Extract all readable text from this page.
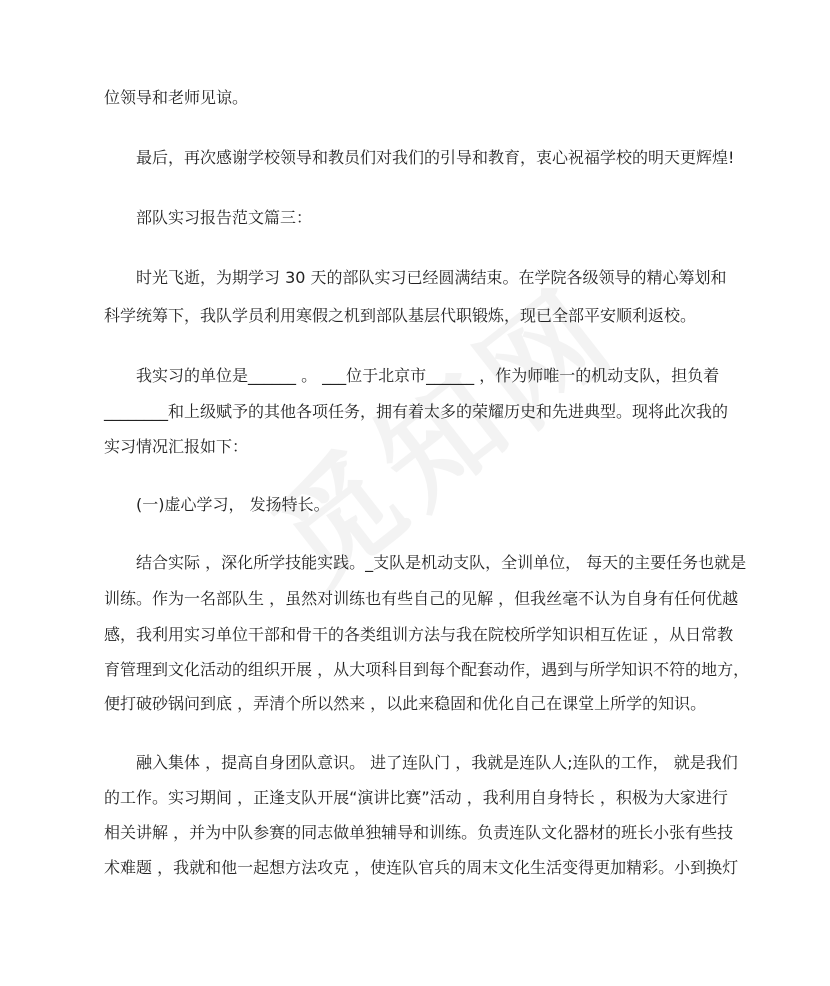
位领导和老师见谅。
最后，再次感谢学校领导和教员们对我们的引导和教育，衷心祝福学校的明天更辉煌!
部队实习报告范文篇三：
时光飞逝，为期学习 30 天的部队实习已经圆满结束。在学院各级领导的精心筹划和
科学统筹下，我队学员利用寒假之机到部队基层代职锻炼，现已全部平安顺利返校。
我实习的单位是______ 。 ___位于北京市______ ，作为师唯一的机动支队，担负着
________和上级赋予的其他各项任务，拥有着太多的荣耀历史和先进典型。现将此次我的
实习情况汇报如下：
(一)虚心学习， 发扬特长。
结合实际 ，深化所学技能实践。_支队是机动支队，全训单位， 每天的主要任务也就是
训练。作为一名部队生 ，虽然对训练也有些自己的见解 ，但我丝毫不认为自身有任何优越
感，我利用实习单位干部和骨干的各类组训方法与我在院校所学知识相互佐证 ，从日常教
育管理到文化活动的组织开展 ，从大项科目到每个配套动作，遇到与所学知识不符的地方，
便打破砂锅问到底 ，弄清个所以然来 ，以此来稳固和优化自己在课堂上所学的知识。
融入集体 ，提高自身团队意识。 进了连队门 ，我就是连队人;连队的工作， 就是我们
的工作。实习期间 ，正逢支队开展“演讲比赛”活动 ，我利用自身特长 ，积极为大家进行
相关讲解 ，并为中队参赛的同志做单独辅导和训练。负责连队文化器材的班长小张有些技
术难题 ，我就和他一起想方法攻克 ，使连队官兵的周末文化生活变得更加精彩。小到换灯
